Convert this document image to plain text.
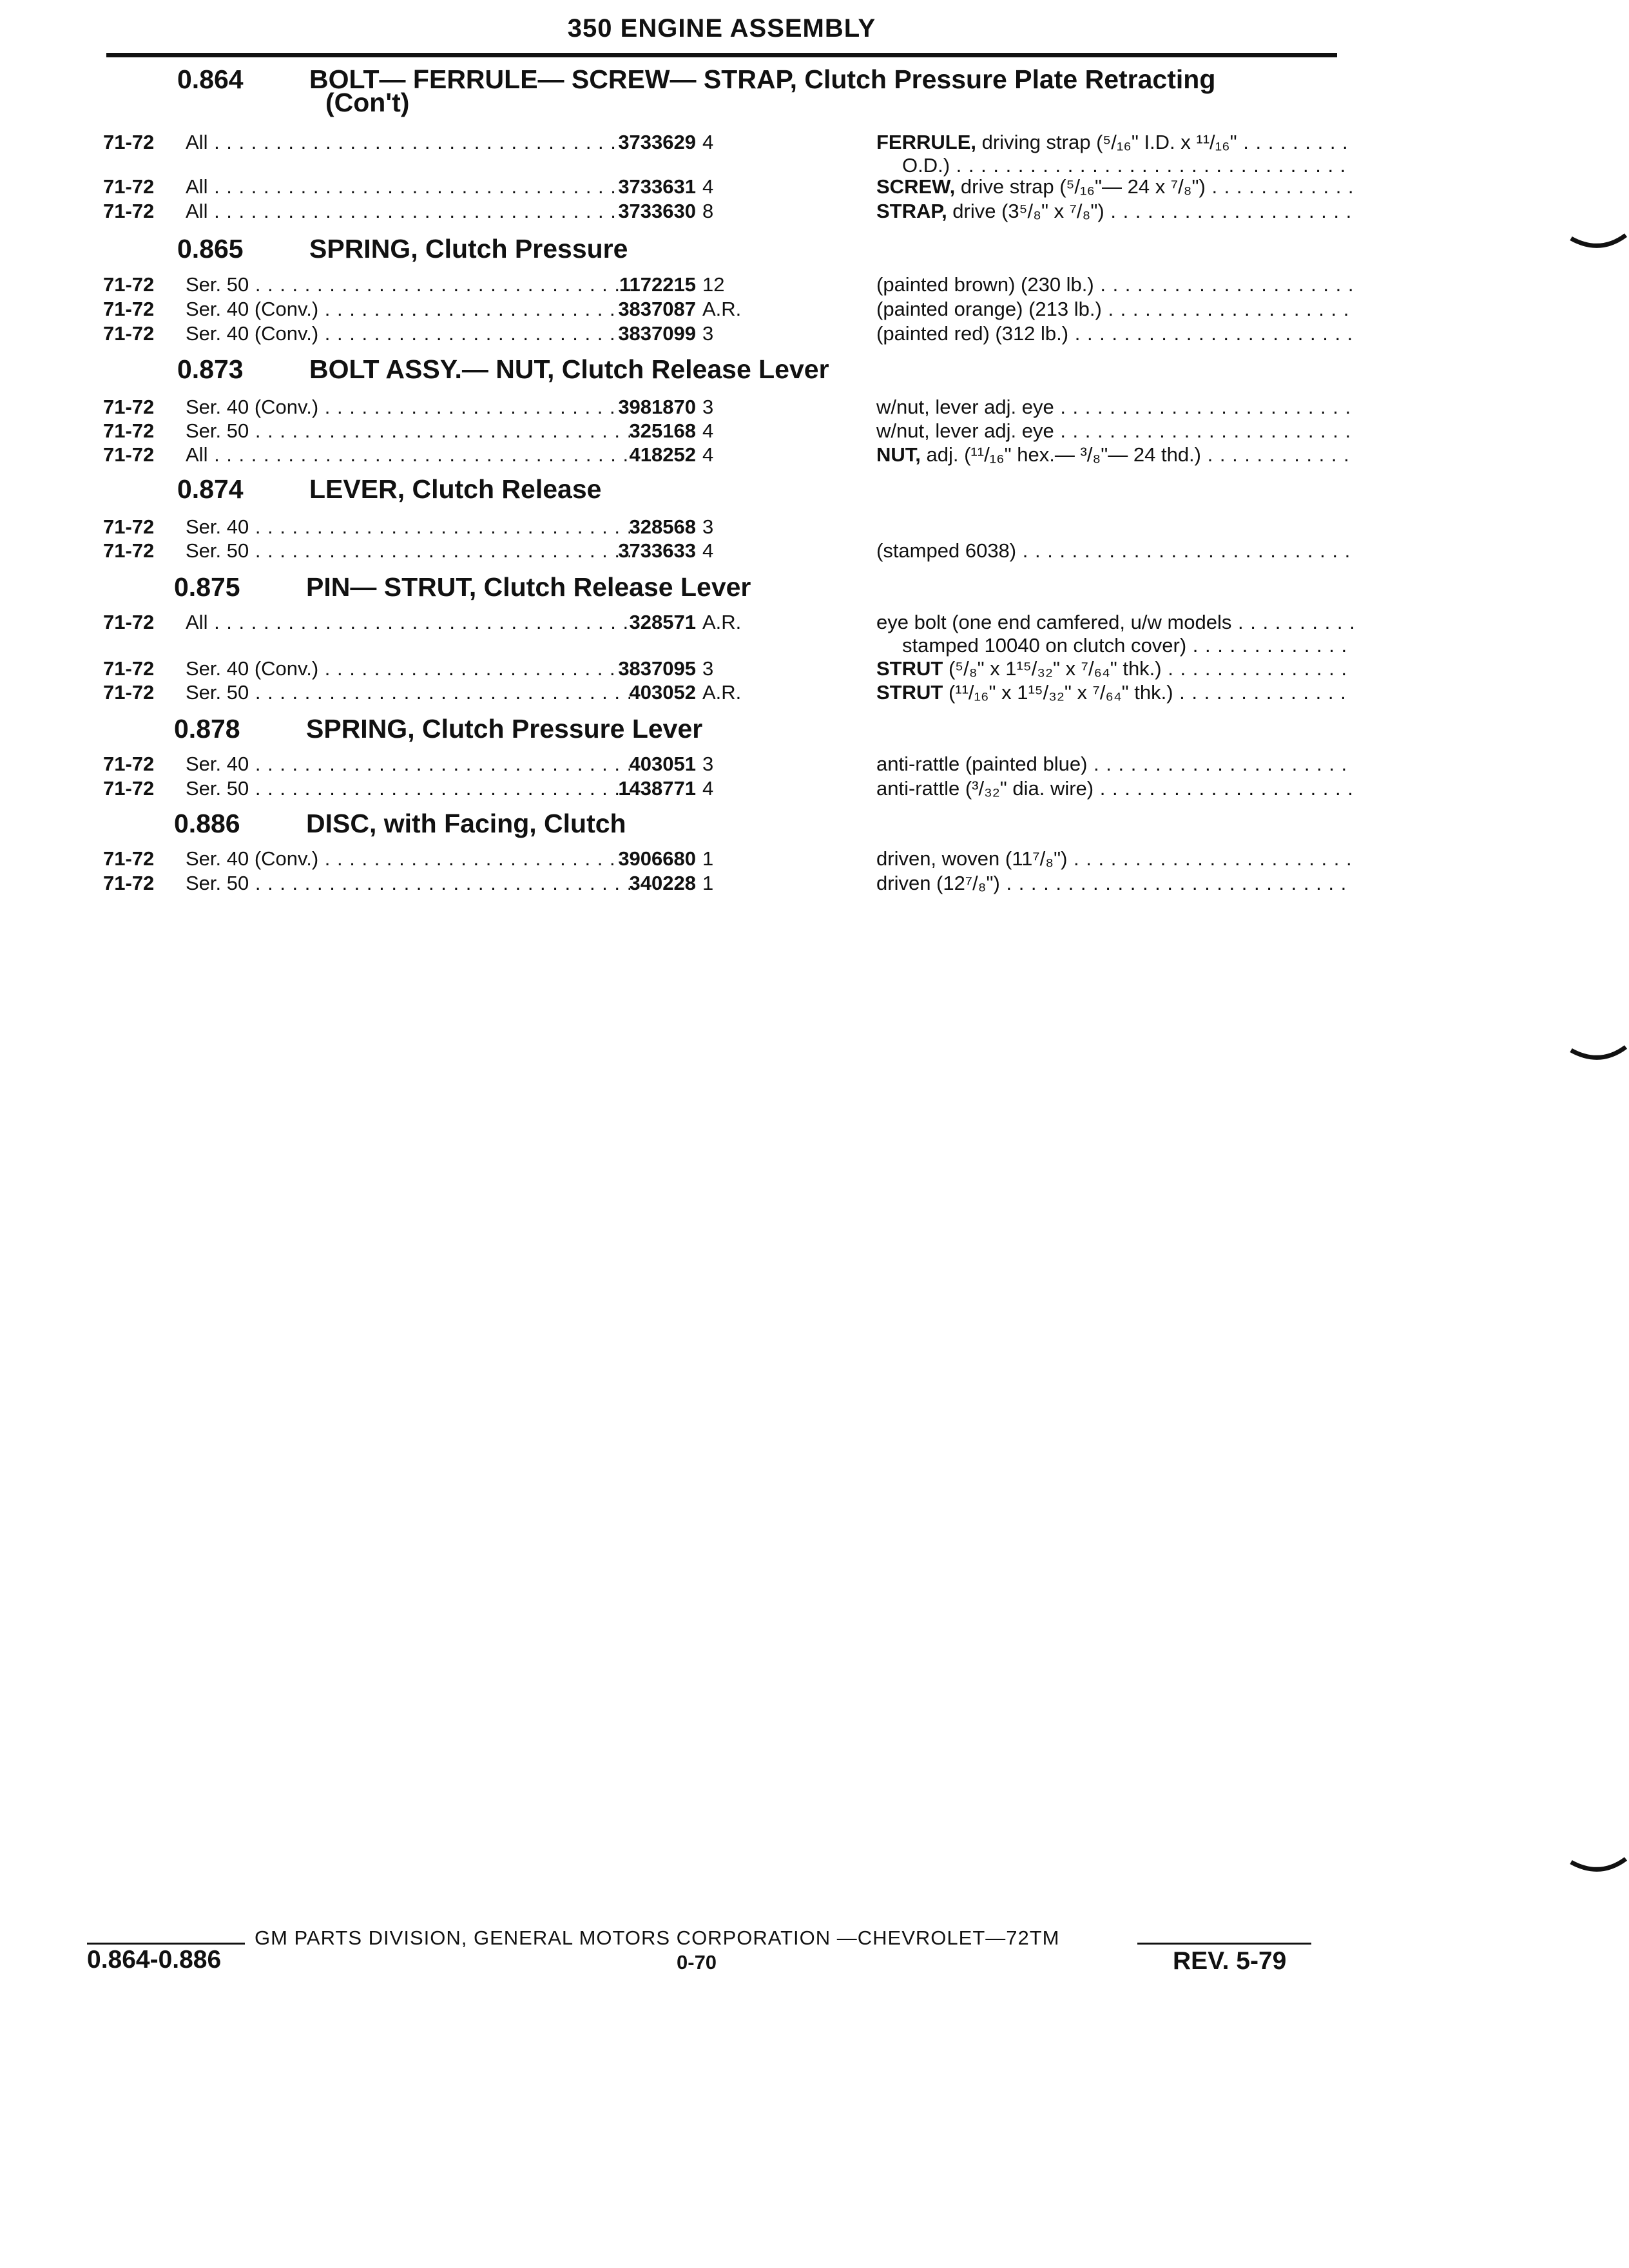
350 ENGINE ASSEMBLY
0.864 BOLT— FERRULE— SCREW— STRAP, Clutch Pressure Plate Retracting
(Con't)
71-72 All . . .	3733629 4	FERRULE, driving strap (⁵/₁₆" I.D. x ¹¹/₁₆" . . .
O.D.) . . .
71-72 All . . .	3733631 4	SCREW, drive strap (⁵/₁₆"— 24 x ⁷/₈") . . .
71-72 All . . .	3733630 8	STRAP, drive (3⁵/₈" x ⁷/₈") . . .
0.865 SPRING, Clutch Pressure
71-72 Ser. 50 . . .	1172215 12	(painted brown) (230 lb.) . . .
71-72 Ser. 40 (Conv.) . . .	3837087 A.R.	(painted orange) (213 lb.) . . .
71-72 Ser. 40 (Conv.) . . .	3837099 3	(painted red) (312 lb.) . . .
0.873 BOLT ASSY.— NUT, Clutch Release Lever
71-72 Ser. 40 (Conv.) . . .	3981870 3	w/nut, lever adj. eye . . .
71-72 Ser. 50 . . .	325168 4	w/nut, lever adj. eye . . .
71-72 All . . .	418252 4	NUT, adj. (¹¹/₁₆" hex.— ³/₈"— 24 thd.) . . .
0.874 LEVER, Clutch Release
71-72 Ser. 40 . . .	328568 3
71-72 Ser. 50 . . .	3733633 4	(stamped 6038) . . .
0.875 PIN— STRUT, Clutch Release Lever
71-72 All . . .	328571 A.R.	eye bolt (one end camfered, u/w models . . .
stamped 10040 on clutch cover) . . .
71-72 Ser. 40 (Conv.) . . .	3837095 3	STRUT (⁵/₈" x 1¹⁵/₃₂" x ⁷/₆₄" thk.) . . .
71-72 Ser. 50 . . .	403052 A.R.	STRUT (¹¹/₁₆" x 1¹⁵/₃₂" x ⁷/₆₄" thk.) . . .
0.878 SPRING, Clutch Pressure Lever
71-72 Ser. 40 . . .	403051 3	anti-rattle (painted blue) . . .
71-72 Ser. 50 . . .	1438771 4	anti-rattle (³/₃₂" dia. wire) . . .
0.886 DISC, with Facing, Clutch
71-72 Ser. 40 (Conv.) . . .	3906680 1	driven, woven (11⁷/₈") . . .
71-72 Ser. 50 . . .	340228 1	driven (12⁷/₈") . . .
GM PARTS DIVISION, GENERAL MOTORS CORPORATION —CHEVROLET—72TM
0.864-0.886	0-70	REV. 5-79
